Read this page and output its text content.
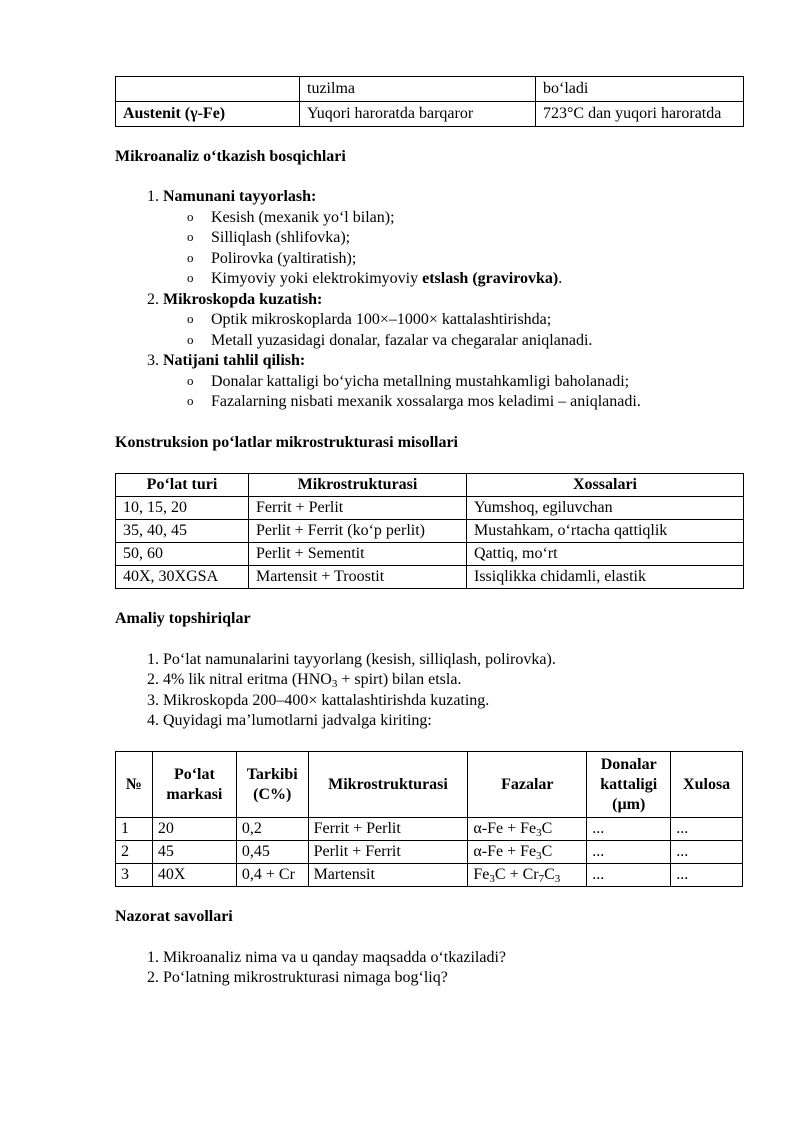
	tuzilma	bo‘ladi
Austenit (γ-Fe)	Yuqori haroratda barqaror	723°C dan yuqori haroratda

Mikroanaliz o‘tkazish bosqichlari

1. Namunani tayyorlash:
o Kesish (mexanik yo‘l bilan);
o Silliqlash (shlifovka);
o Polirovka (yaltiratish);
o Kimyoviy yoki elektrokimyoviy etslash (gravirovka).
2. Mikroskopda kuzatish:
o Optik mikroskoplarda 100×–1000× kattalashtirishda;
o Metall yuzasidagi donalar, fazalar va chegaralar aniqlanadi.
3. Natijani tahlil qilish:
o Donalar kattaligi bo‘yicha metallning mustahkamligi baholanadi;
o Fazalarning nisbati mexanik xossalarga mos keladimi – aniqlanadi.

Konstruksion po‘latlar mikrostrukturasi misollari

Po‘lat turi	Mikrostrukturasi	Xossalari
10, 15, 20	Ferrit + Perlit	Yumshoq, egiluvchan
35, 40, 45	Perlit + Ferrit (ko‘p perlit)	Mustahkam, o‘rtacha qattiqlik
50, 60	Perlit + Sementit	Qattiq, mo‘rt
40X, 30XGSA	Martensit + Troostit	Issiqlikka chidamli, elastik

Amaliy topshiriqlar

1. Po‘lat namunalarini tayyorlang (kesish, silliqlash, polirovka).
2. 4% lik nitral eritma ($HNO_3$ + spirt) bilan etsla.
3. Mikroskopda 200–400× kattalashtirishda kuzating.
4. Quyidagi ma’lumotlarni jadvalga kiriting:
№	Po‘lat markasi	Tarkibi (C%)	Mikrostrukturasi	Fazalar	Donalar kattaligi (µm)	Xulosa
1	20	0,2	Ferrit + Perlit	$\alpha-Fe + Fe_3C$	...	...
2	45	0,45	Perlit + Ferrit	$\alpha-Fe + Fe_3C$	...	...
3	40X	0,4 + Cr	Martensit	$Fe_3C + Cr_7C_3$	...	...

Nazorat savollari

1. Mikroanaliz nima va u qanday maqsadda o‘tkaziladi?
2. Po‘latning mikrostrukturasi nimaga bog‘liq?
